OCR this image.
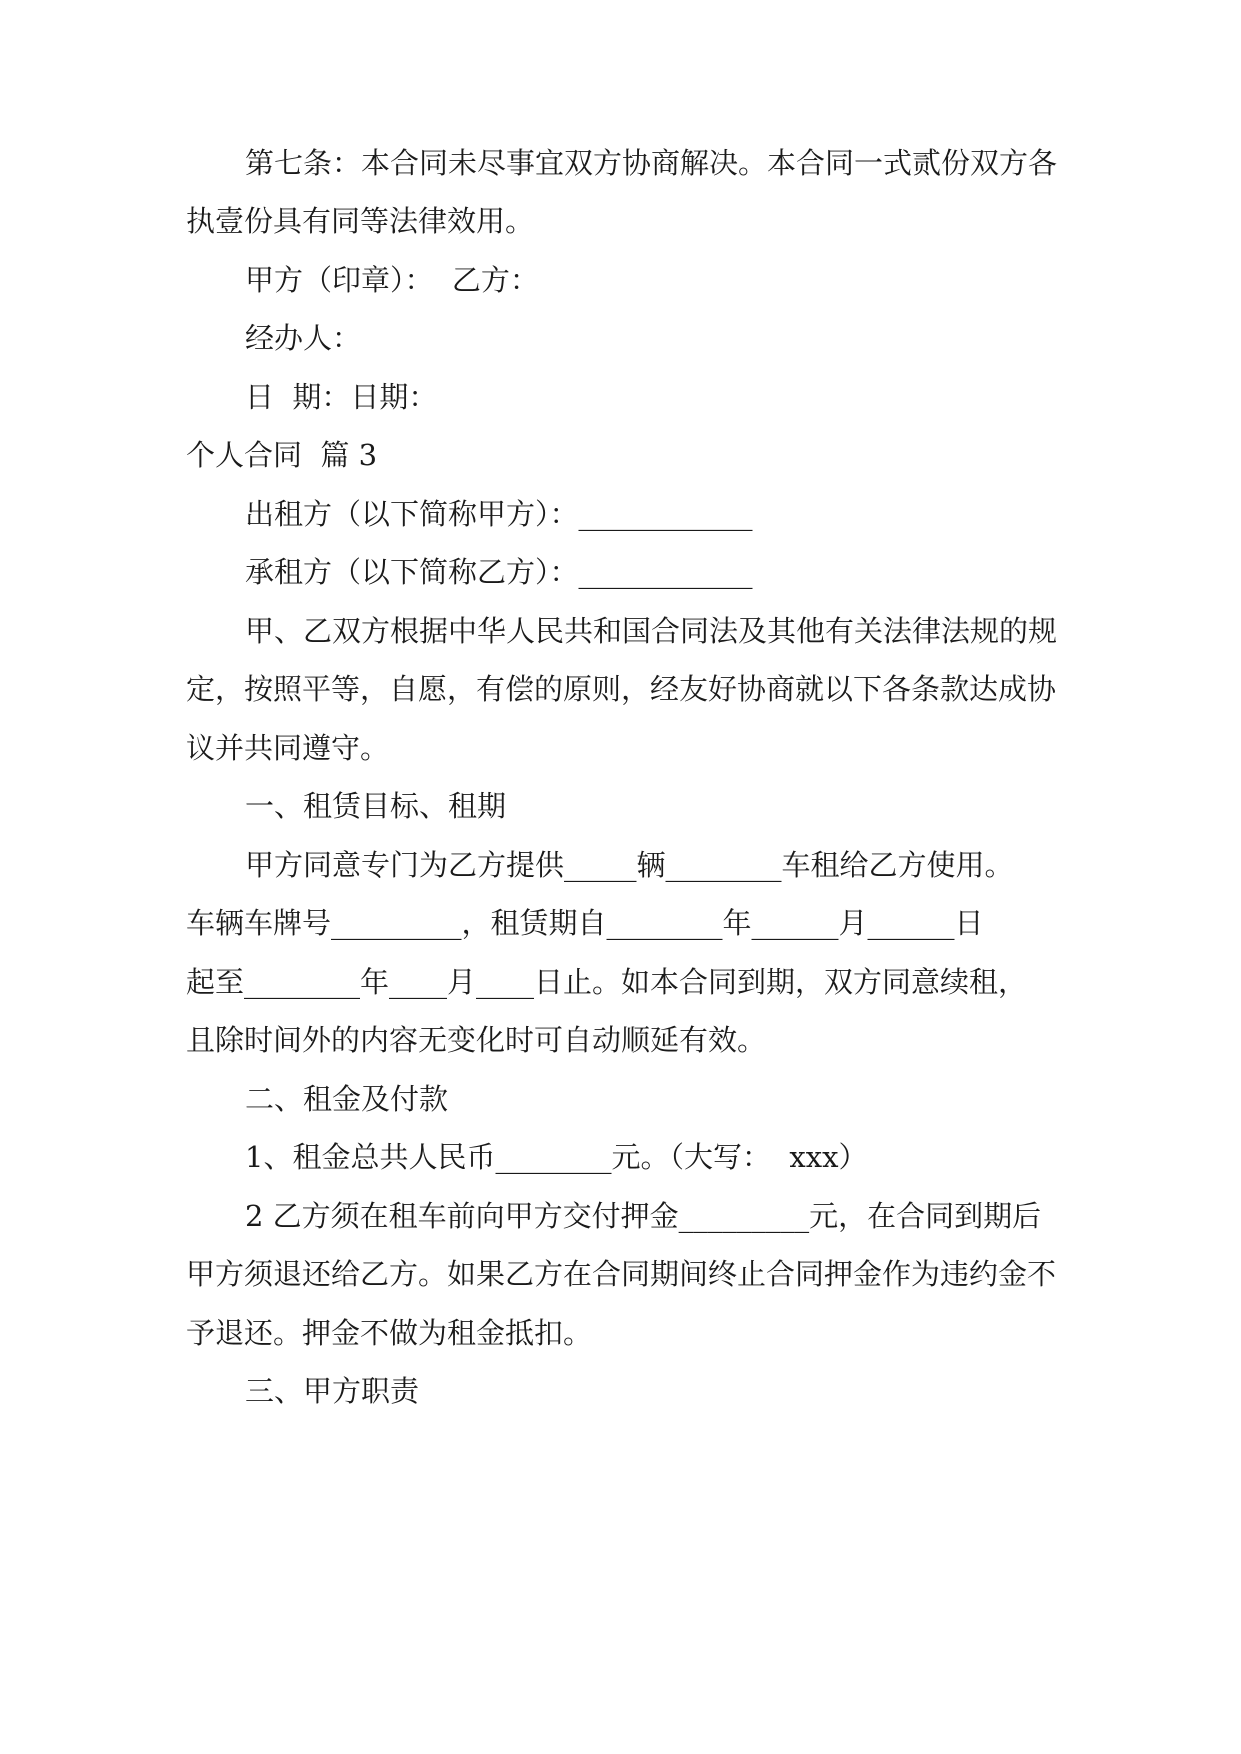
第七条：本合同未尽事宜双方协商解决。本合同一式贰份双方各
执壹份具有同等法律效用。
甲方（印章）：  乙方：
经办人：
日  期：日期：
个人合同  篇 3
出租方（以下简称甲方）：____________
承租方（以下简称乙方）：____________
甲、乙双方根据中华人民共和国合同法及其他有关法律法规的规
定，按照平等，自愿，有偿的原则，经友好协商就以下各条款达成协
议并共同遵守。
一、租赁目标、租期
甲方同意专门为乙方提供_____辆________车租给乙方使用。
车辆车牌号_________，租赁期自________年______月______日
起至________年____月____日止。如本合同到期，双方同意续租，
且除时间外的内容无变化时可自动顺延有效。
二、租金及付款
1、租金总共人民币________元。（大写：  xxx）
2 乙方须在租车前向甲方交付押金_________元，在合同到期后
甲方须退还给乙方。如果乙方在合同期间终止合同押金作为违约金不
予退还。押金不做为租金抵扣。
三、甲方职责
